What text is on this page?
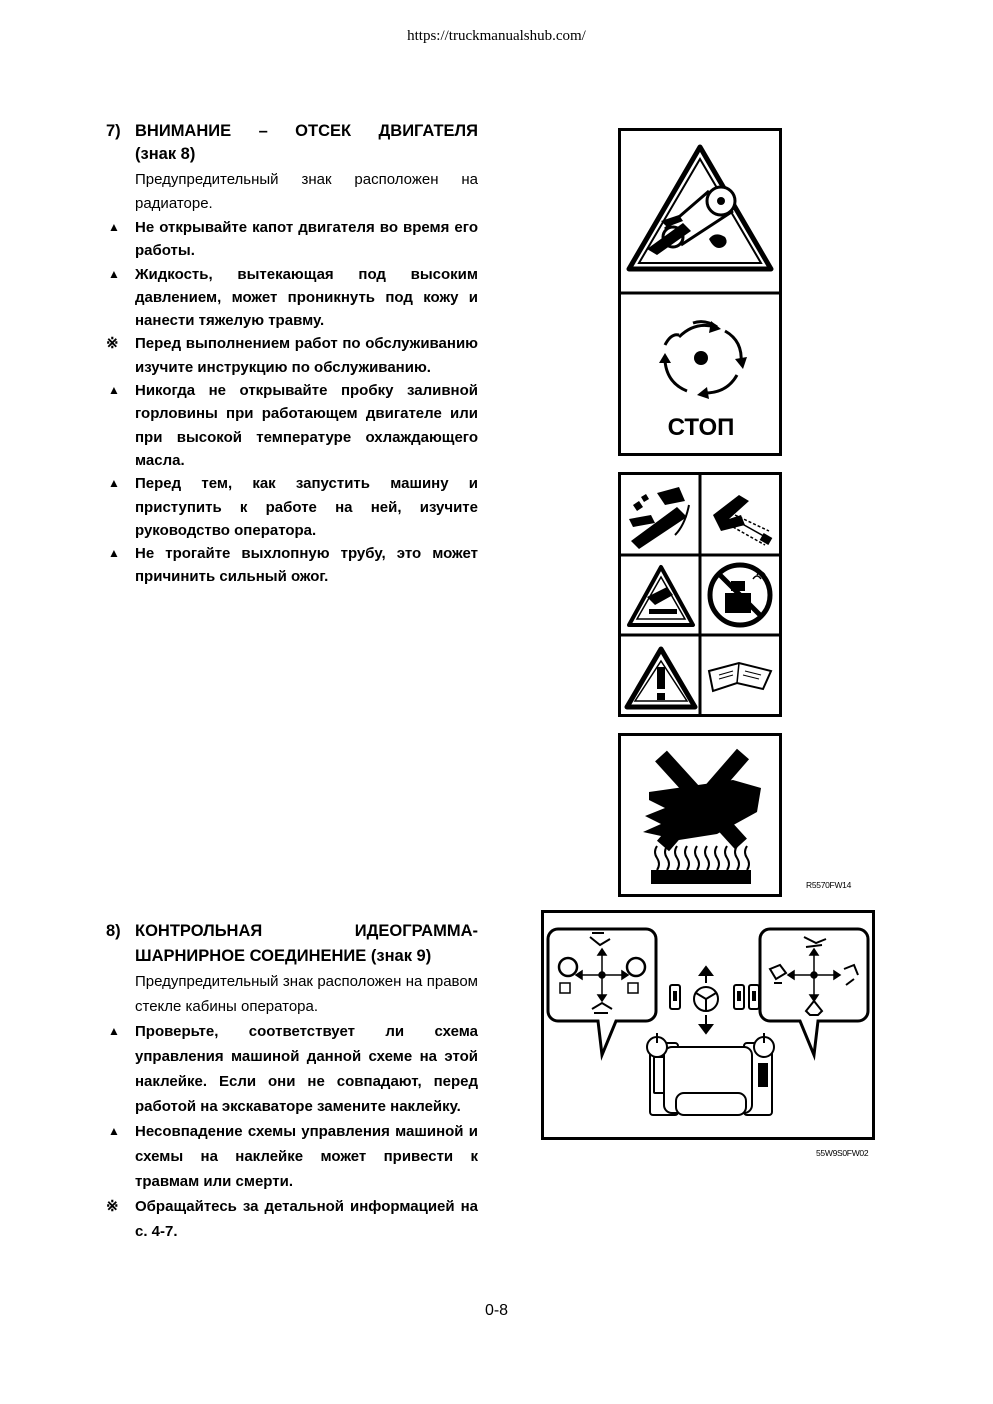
https://truckmanualshub.com/
7) ВНИМАНИЕ – ОТСЕК ДВИГАТЕЛЯ
(знак 8)
Предупредительный знак расположен на радиаторе.
▲ Не открывайте капот двигателя во время его работы.
▲ Жидкость, вытекающая под высоким давлением, может проникнуть под кожу и нанести тяжелую травму.
※ Перед выполнением работ по обслуживанию изучите инструкцию по обслуживанию.
▲ Никогда не открывайте пробку заливной горловины при работающем двигателе или при высокой температуре охлаждающего масла.
▲ Перед тем, как запустить машину и приступить к работе на ней, изучите руководство оператора.
▲ Не трогайте выхлопную трубу, это может причинить сильный ожог.
8) КОНТРОЛЬНАЯ ИДЕОГРАММА-
ШАРНИРНОЕ СОЕДИНЕНИЕ (знак 9)
Предупредительный знак расположен на правом стекле кабины оператора.
▲ Проверьте, соответствует ли схема управления машиной данной схеме на этой наклейке. Если они не совпадают, перед работой на экскаваторе замените наклейку.
▲ Несовпадение схемы управления машиной и схемы на наклейке может привести к травмам или смерти.
※ Обращайтесь за детальной информацией на с. 4-7.
СТОП
R5570FW14
55W9S0FW02
0-8
